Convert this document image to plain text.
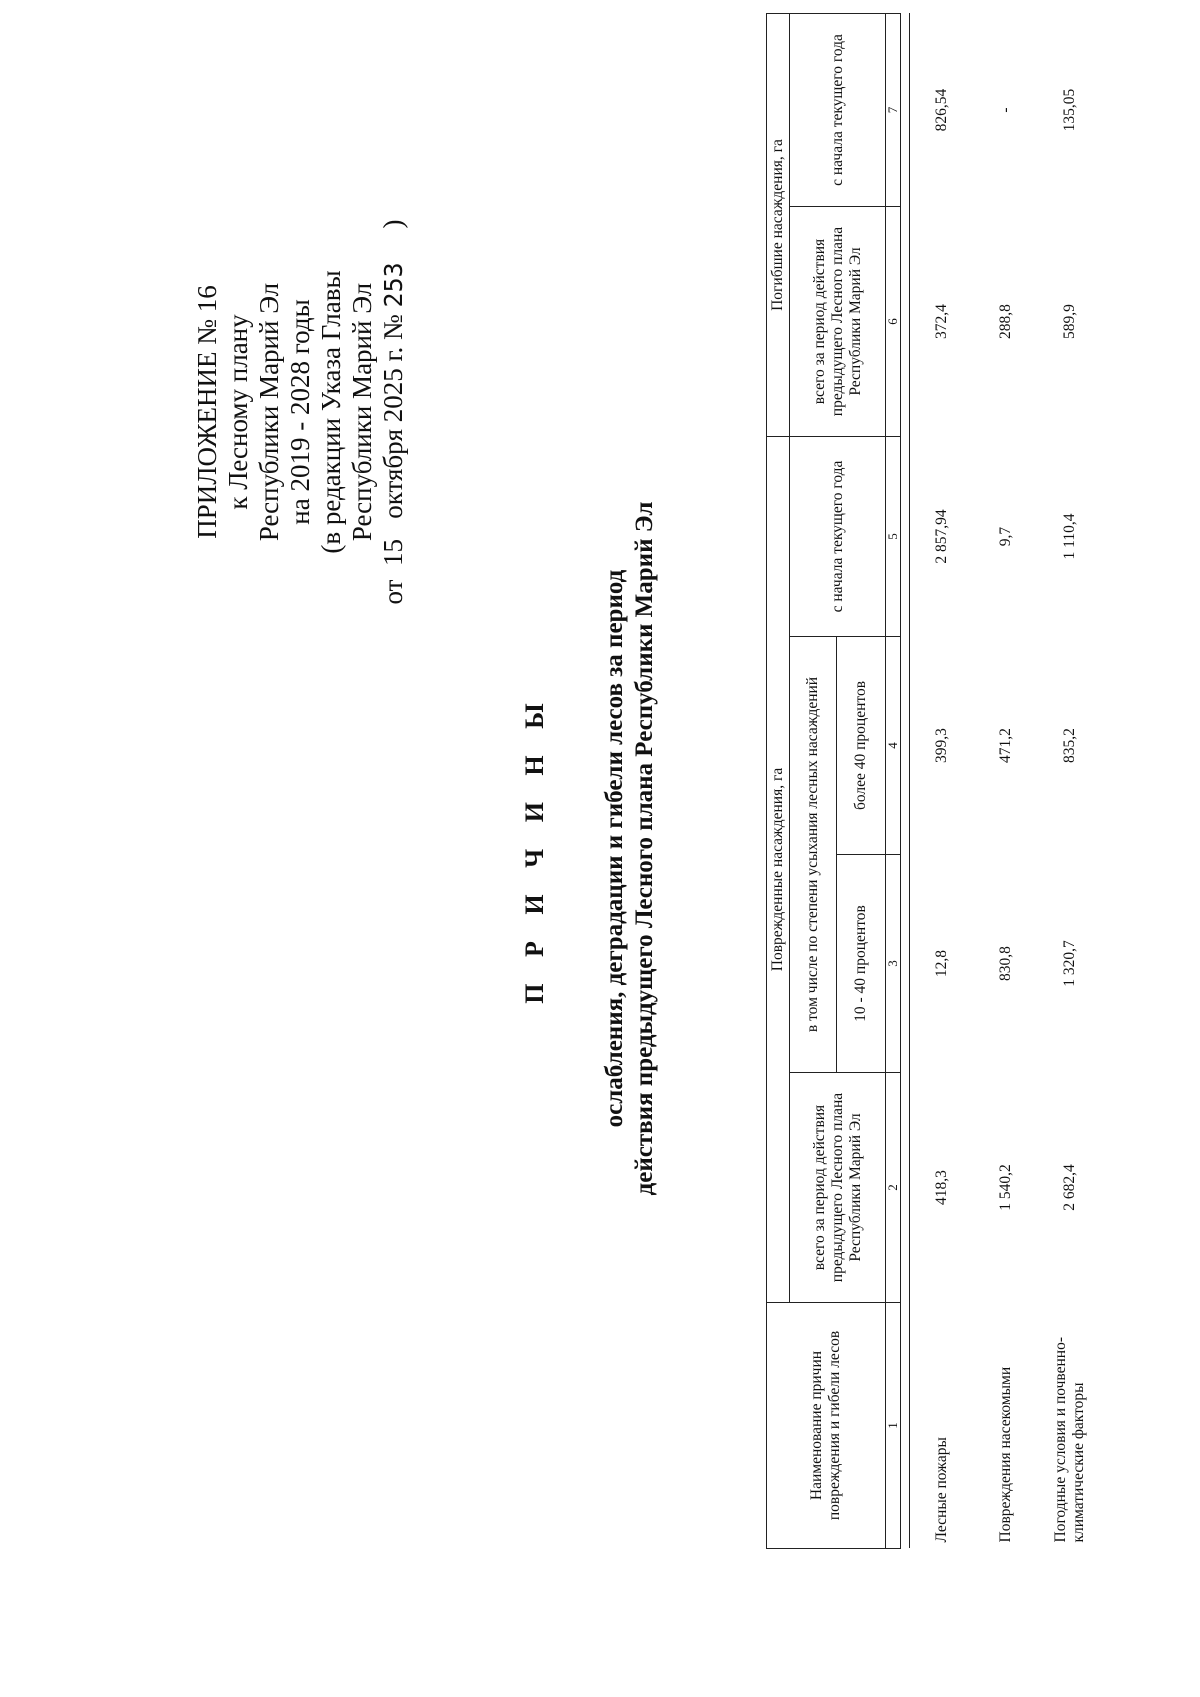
ПРИЛОЖЕНИЕ № 16 к Лесному плану Республики Марий Эл на 2019 - 2028 годы (в редакции Указа Главы Республики Марий Эл
от  15   октября 2025 г. № 253     )
П Р И Ч И Н Ы ослабления, деградации и гибели лесов за период действия предыдущего Лесного плана Республики Марий Эл
Наименование причин повреждения и гибели лесов	Поврежденные насаждения, га				Погибшие насаждения, га	
	всего за период действия предыдущего Лесного плана Республики Марий Эл	в том числе по степени усыхания лесных насаждений		с начала текущего года	всего за период действия предыдущего Лесного плана Республики Марий Эл	с начала текущего года
		10 - 40 процентов	более 40 процентов			
1	2	3	4	5	6	7

Лесные пожары	418,3	12,8	399,3	2 857,94	372,4	826,54
Повреждения насекомыми	1 540,2	830,8	471,2	9,7	288,8	-
Погодные условия и почвенно-климатические факторы	2 682,4	1 320,7	835,2	1 110,4	589,9	135,05
